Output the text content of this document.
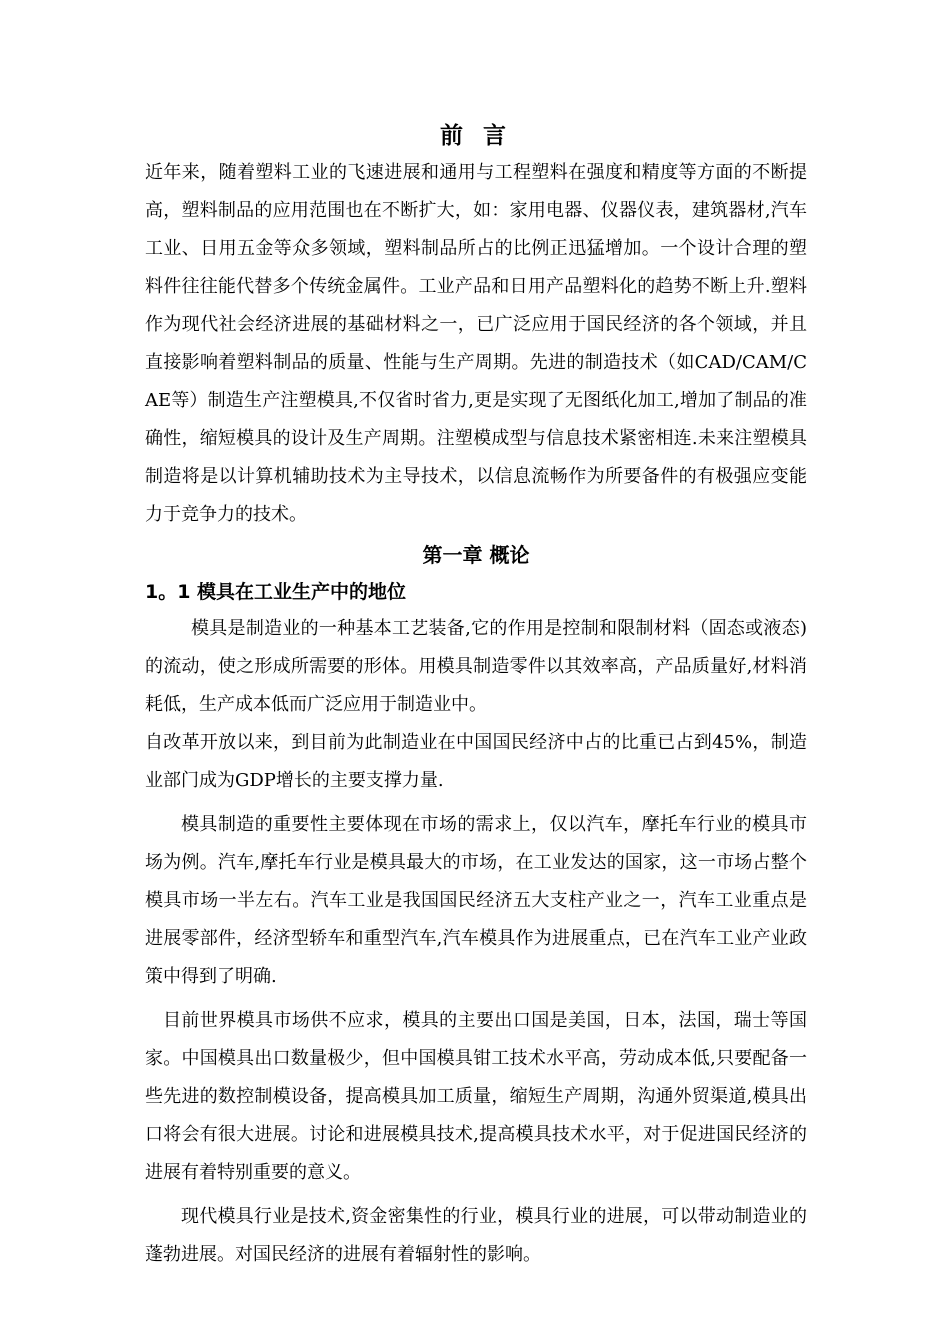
前 言

近年来，随着塑料工业的飞速进展和通用与工程塑料在强度和精度等方面的不断提高，塑料制品的应用范围也在不断扩大，如：家用电器、仪器仪表，建筑器材,汽车工业、日用五金等众多领域，塑料制品所占的比例正迅猛增加。一个设计合理的塑料件往往能代替多个传统金属件。工业产品和日用产品塑料化的趋势不断上升.塑料作为现代社会经济进展的基础材料之一，已广泛应用于国民经济的各个领域，并且直接影响着塑料制品的质量、性能与生产周期。先进的制造技术（如CAD/CAM/CAE等）制造生产注塑模具,不仅省时省力,更是实现了无图纸化加工,增加了制品的准确性，缩短模具的设计及生产周期。注塑模成型与信息技术紧密相连.未来注塑模具制造将是以计算机辅助技术为主导技术，以信息流畅作为所要备件的有极强应变能力于竞争力的技术。

第一章 概论
1。1 模具在工业生产中的地位

模具是制造业的一种基本工艺装备,它的作用是控制和限制材料（固态或液态)的流动，使之形成所需要的形体。用模具制造零件以其效率高，产品质量好,材料消耗低，生产成本低而广泛应用于制造业中。

自改革开放以来，到目前为此制造业在中国国民经济中占的比重已占到45%，制造业部门成为GDP增长的主要支撑力量.

模具制造的重要性主要体现在市场的需求上，仅以汽车，摩托车行业的模具市场为例。汽车,摩托车行业是模具最大的市场，在工业发达的国家，这一市场占整个模具市场一半左右。汽车工业是我国国民经济五大支柱产业之一，汽车工业重点是进展零部件，经济型轿车和重型汽车,汽车模具作为进展重点，已在汽车工业产业政策中得到了明确.

目前世界模具市场供不应求，模具的主要出口国是美国，日本，法国，瑞士等国家。中国模具出口数量极少，但中国模具钳工技术水平高，劳动成本低,只要配备一些先进的数控制模设备，提高模具加工质量，缩短生产周期，沟通外贸渠道,模具出口将会有很大进展。讨论和进展模具技术,提高模具技术水平，对于促进国民经济的进展有着特别重要的意义。

现代模具行业是技术,资金密集性的行业，模具行业的进展，可以带动制造业的蓬勃进展。对国民经济的进展有着辐射性的影响。
